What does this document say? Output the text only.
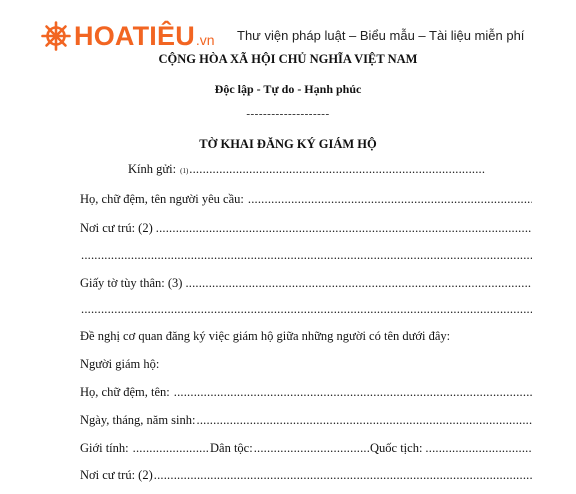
HOATIÊU .vn Thư viện pháp luật – Biểu mẫu – Tài liệu miễn phí
CỘNG HÒA XÃ HỘI CHỦ NGHĨA VIỆT NAM
Độc lập - Tự do - Hạnh phúc
--------------------
TỜ KHAI ĐĂNG KÝ GIÁM HỘ
Kính gửi: (1)
.....
Họ, chữ đệm, tên người yêu cầu:
.....
Nơi cư trú: (2)
.....
.....
Giấy tờ tùy thân: (3)
.....
.....
Đề nghị cơ quan đăng ký việc giám hộ giữa những người có tên dưới đây:
Người giám hộ:
Họ, chữ đệm, tên:
.....
Ngày, tháng, năm sinh:
.....
Giới tính: .....	Dân tộc: .....	Quốc tịch:
.....
Nơi cư trú: (2)
.....
